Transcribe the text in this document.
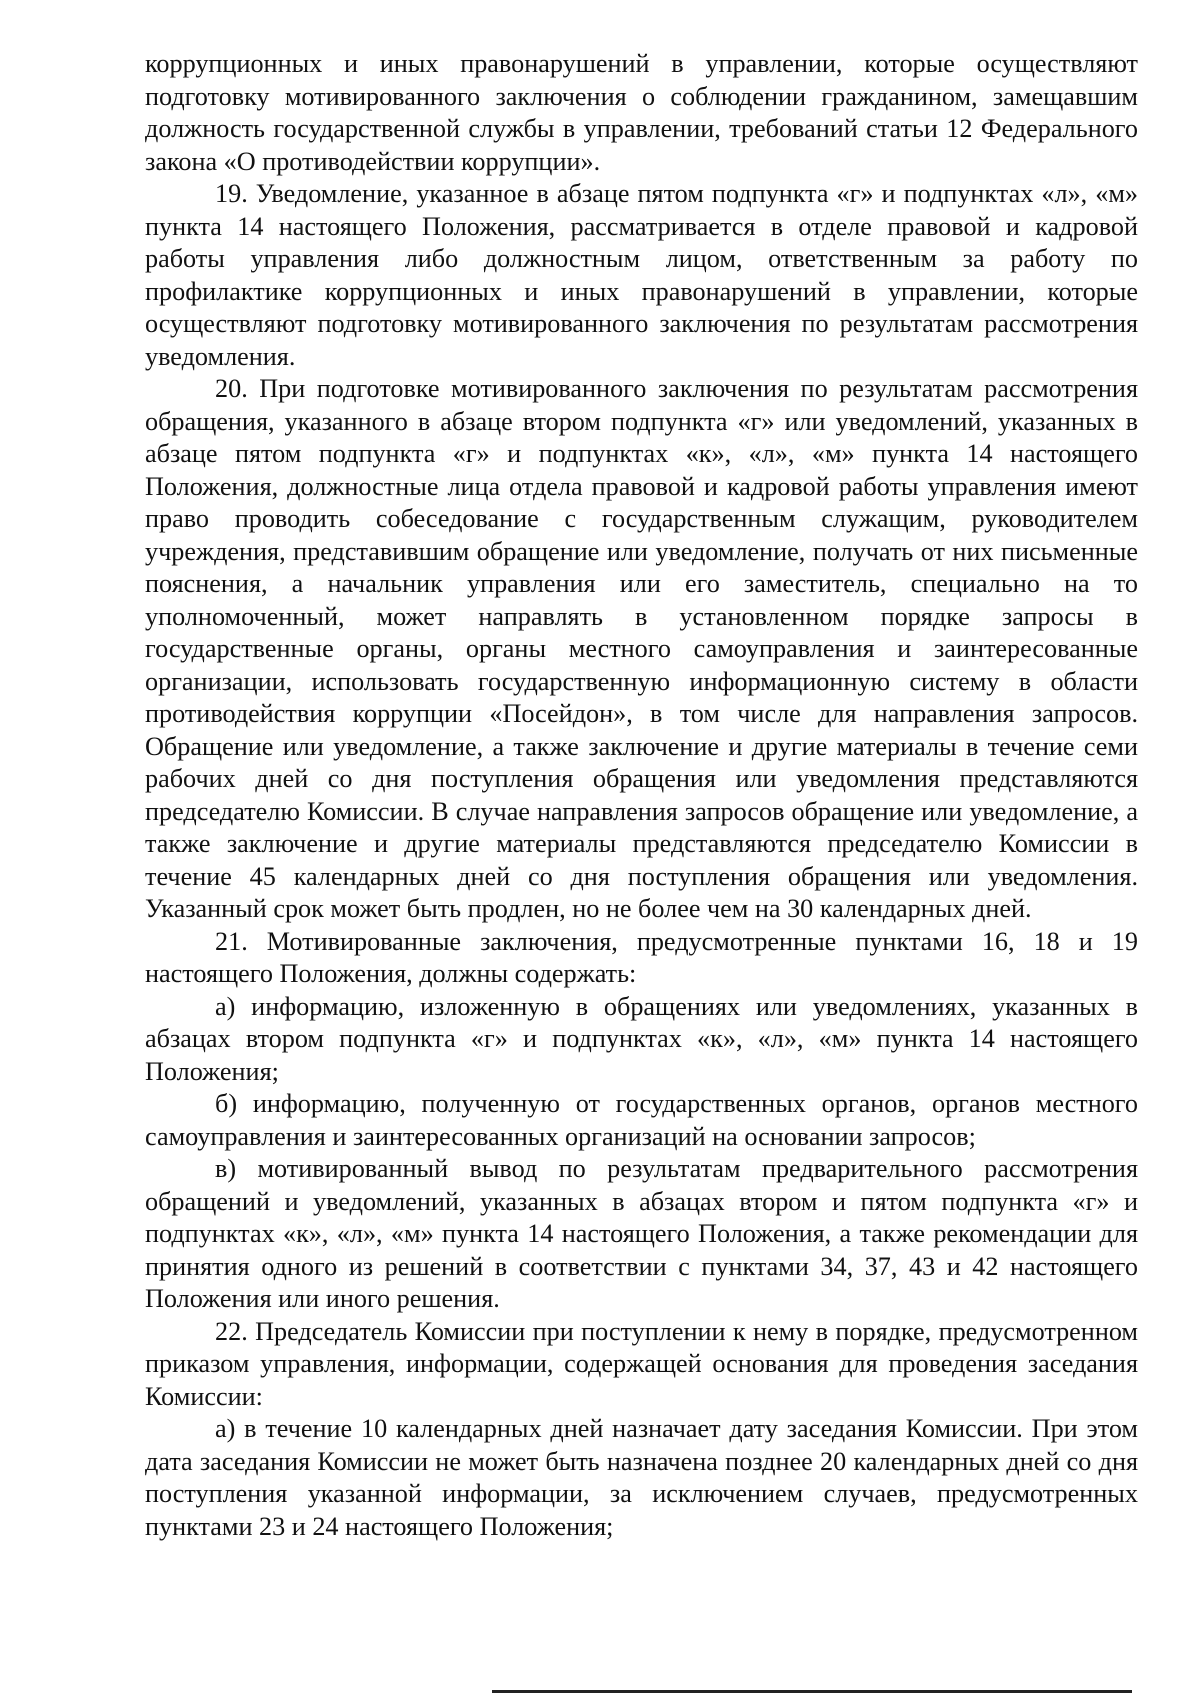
коррупционных и иных правонарушений в управлении, которые осуществляют подготовку мотивированного заключения о соблюдении гражданином, замещавшим должность государственной службы в управлении, требований статьи 12 Федерального закона «О противодействии коррупции».

19. Уведомление, указанное в абзаце пятом подпункта «г» и подпунктах «л», «м» пункта 14 настоящего Положения, рассматривается в отделе правовой и кадровой работы управления либо должностным лицом, ответственным за работу по профилактике коррупционных и иных правонарушений в управлении, которые осуществляют подготовку мотивированного заключения по результатам рассмотрения уведомления.

20. При подготовке мотивированного заключения по результатам рассмотрения обращения, указанного в абзаце втором подпункта «г» или уведомлений, указанных в абзаце пятом подпункта «г» и подпунктах «к», «л», «м» пункта 14 настоящего Положения, должностные лица отдела правовой и кадровой работы управления имеют право проводить собеседование с государственным служащим, руководителем учреждения, представившим обращение или уведомление, получать от них письменные пояснения, а начальник управления или его заместитель, специально на то уполномоченный, может направлять в установленном порядке запросы в государственные органы, органы местного самоуправления и заинтересованные организации, использовать государственную информационную систему в области противодействия коррупции «Посейдон», в том числе для направления запросов. Обращение или уведомление, а также заключение и другие материалы в течение семи рабочих дней со дня поступления обращения или уведомления представляются председателю Комиссии. В случае направления запросов обращение или уведомление, а также заключение и другие материалы представляются председателю Комиссии в течение 45 календарных дней со дня поступления обращения или уведомления. Указанный срок может быть продлен, но не более чем на 30 календарных дней.

21. Мотивированные заключения, предусмотренные пунктами 16, 18 и 19 настоящего Положения, должны содержать:

а) информацию, изложенную в обращениях или уведомлениях, указанных в абзацах втором подпункта «г» и подпунктах «к», «л», «м» пункта 14 настоящего Положения;

б) информацию, полученную от государственных органов, органов местного самоуправления и заинтересованных организаций на основании запросов;

в) мотивированный вывод по результатам предварительного рассмотрения обращений и уведомлений, указанных в абзацах втором и пятом подпункта «г» и подпунктах «к», «л», «м» пункта 14 настоящего Положения, а также рекомендации для принятия одного из решений в соответствии с пунктами 34, 37, 43 и 42 настоящего Положения или иного решения.

22. Председатель Комиссии при поступлении к нему в порядке, предусмотренном приказом управления, информации, содержащей основания для проведения заседания Комиссии:

а) в течение 10 календарных дней назначает дату заседания Комиссии. При этом дата заседания Комиссии не может быть назначена позднее 20 календарных дней со дня поступления указанной информации, за исключением случаев, предусмотренных пунктами 23 и 24 настоящего Положения;
